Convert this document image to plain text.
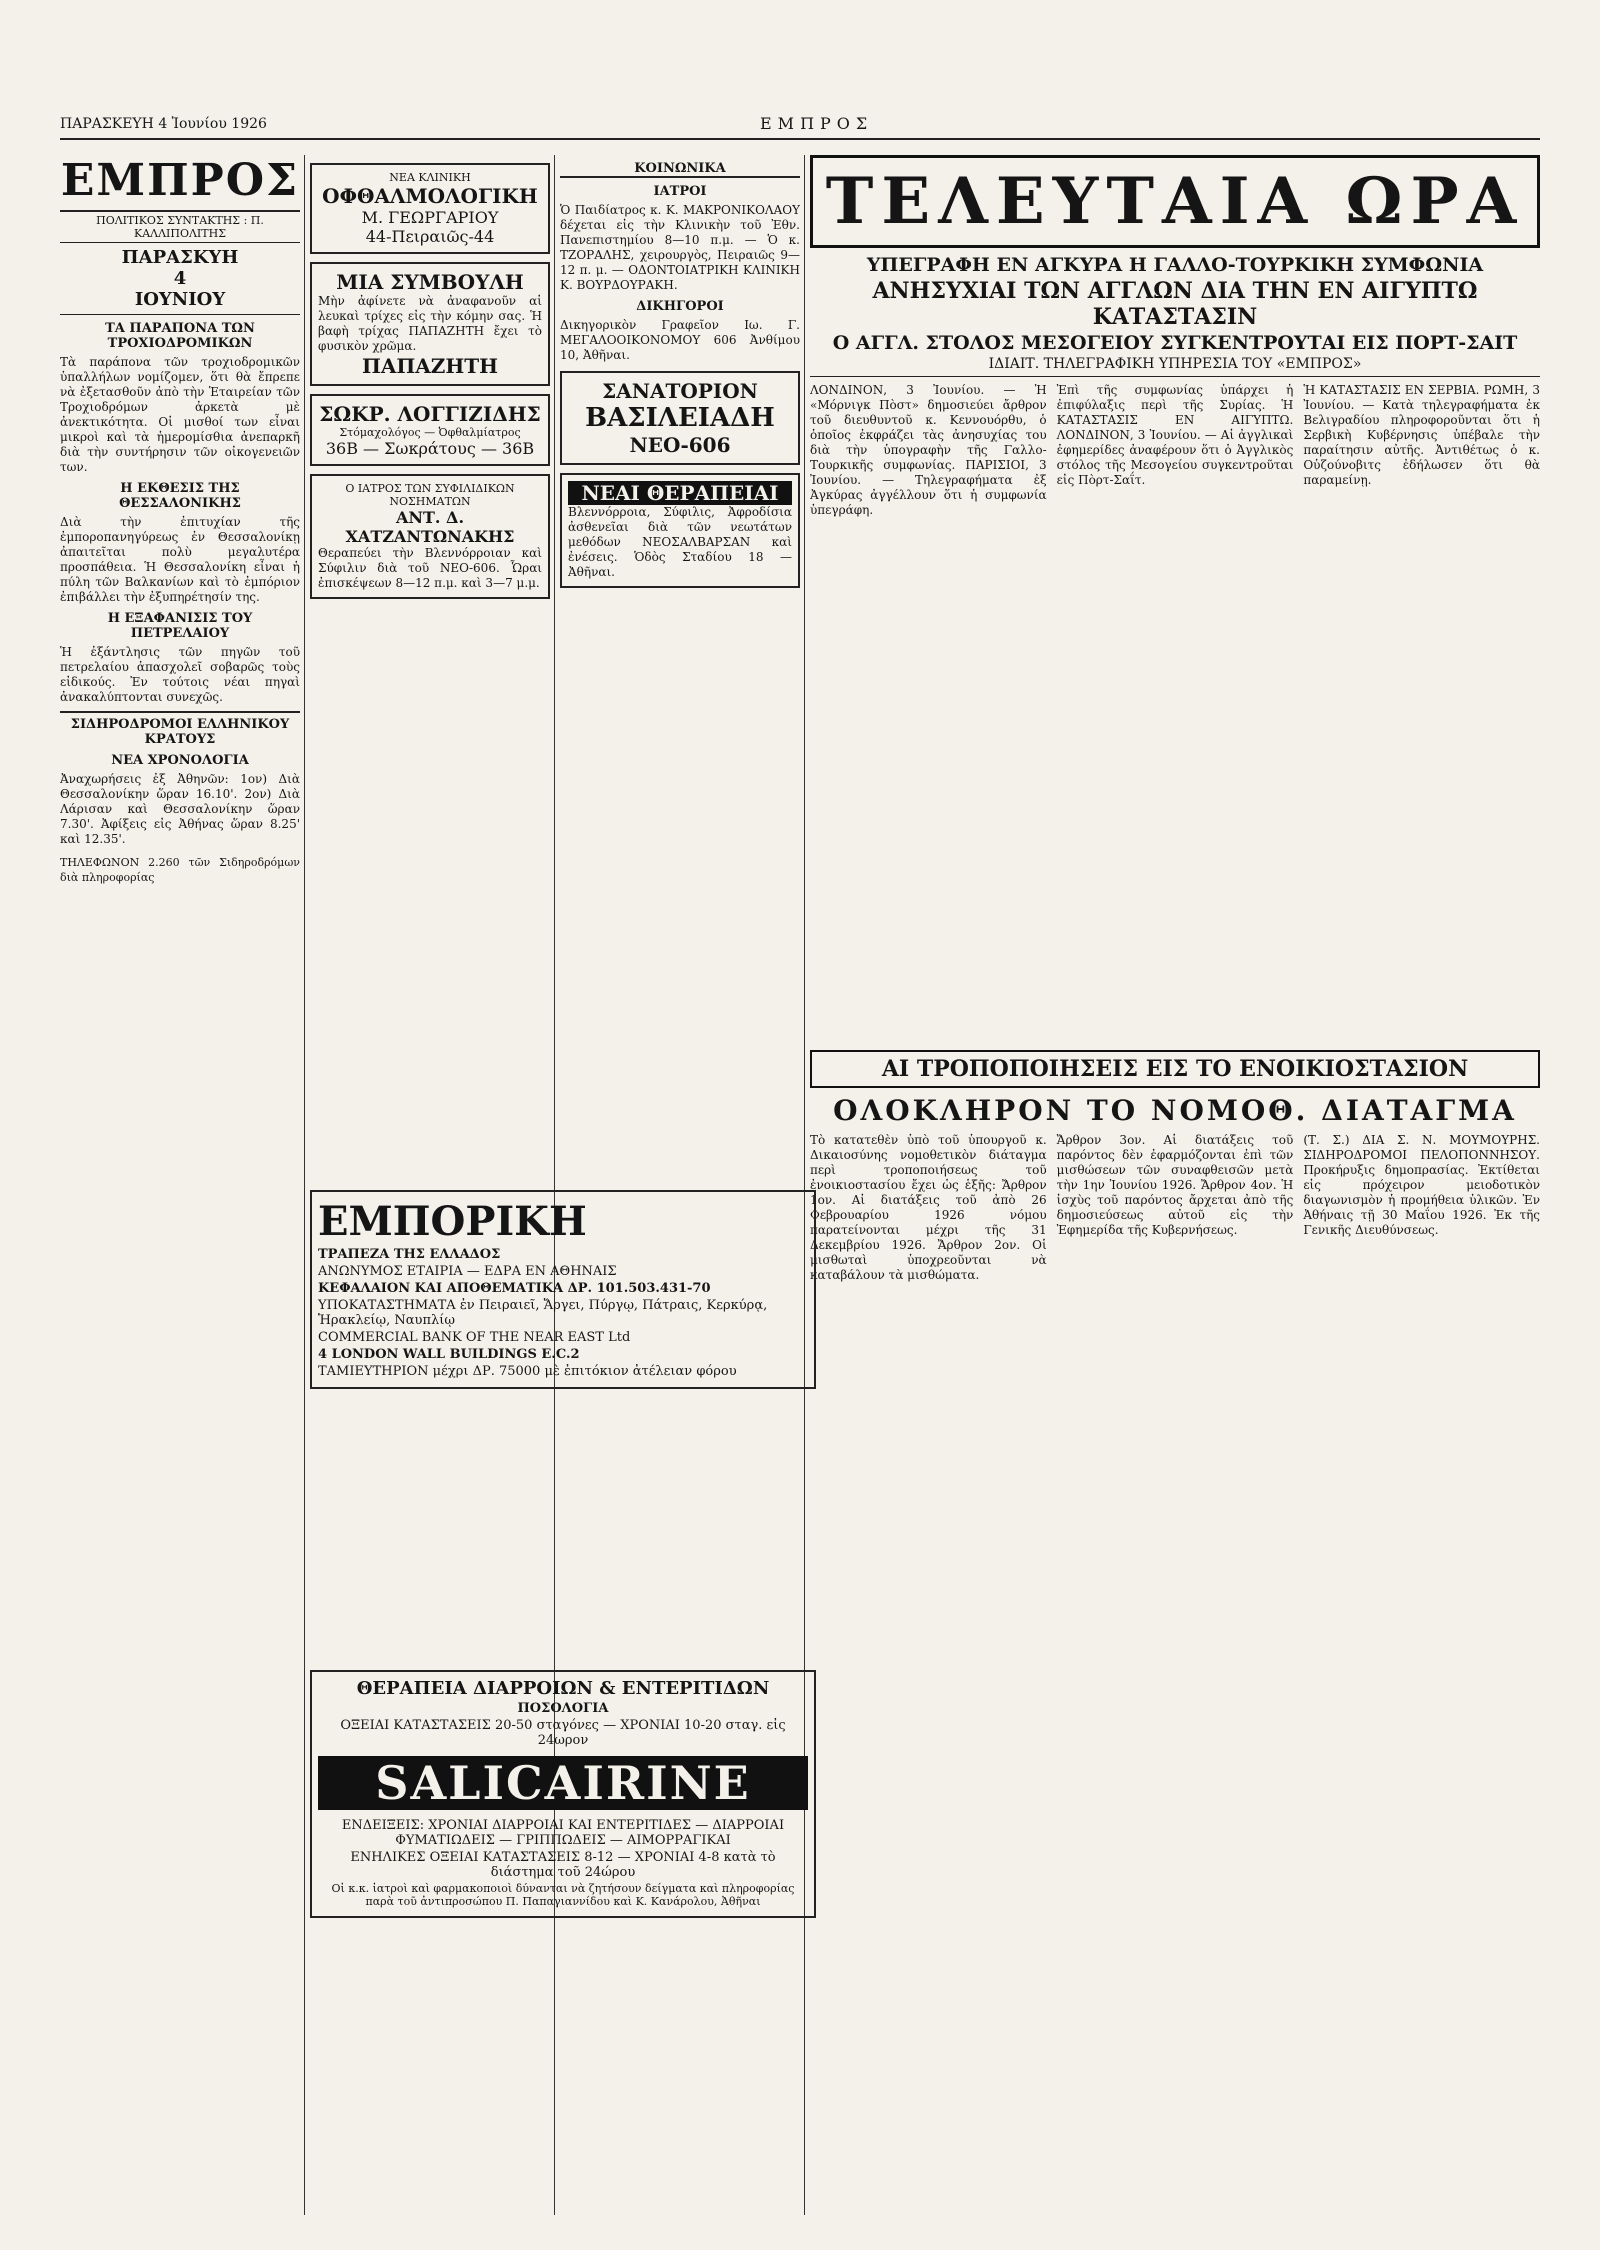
ΠΑΡΑΣΚΕΥΗ 4 Ἰουνίου 1926	ΕΜΠΡΟΣ
ΕΜΠΡΟΣ
ΠΟΛΙΤΙΚΟΣ ΣΥΝΤΑΚΤΗΣ : Π. ΚΑΛΛΙΠΟΛΙΤΗΣ
ΠΑΡΑΣΚΥΗ
4
ΙΟΥΝΙΟΥ
ΤΑ ΠΑΡΑΠΟΝΑ ΤΩΝ ΤΡΟΧΙΟΔΡΟΜΙΚΩΝ
Τὰ παράπονα τῶν τροχιοδρομικῶν ὑπαλλήλων νομίζομεν, ὅτι θὰ ἔπρεπε νὰ ἐξετασθοῦν ἀπὸ τὴν Ἑταιρείαν τῶν Τροχιοδρόμων ἀρκετὰ μὲ ἀνεκτικότητα. Οἱ μισθοί των εἶναι μικροὶ καὶ τὰ ἡμερομίσθια ἀνεπαρκῆ διὰ τὴν συντήρησιν τῶν οἰκογενειῶν των.
Η ΕΚΘΕΣΙΣ ΤΗΣ ΘΕΣΣΑΛΟΝΙΚΗΣ
Διὰ τὴν ἐπιτυχίαν τῆς ἐμποροπανηγύρεως ἐν Θεσσαλονίκῃ ἀπαιτεῖται πολὺ μεγαλυτέρα προσπάθεια. Ἡ Θεσσαλονίκη εἶναι ἡ πύλη τῶν Βαλκανίων καὶ τὸ ἐμπόριον ἐπιβάλλει τὴν ἐξυπηρέτησίν της.
Η ΕΞΑΦΑΝΙΣΙΣ ΤΟΥ ΠΕΤΡΕΛΑΙΟΥ
Ἡ ἐξάντλησις τῶν πηγῶν τοῦ πετρελαίου ἀπασχολεῖ σοβαρῶς τοὺς εἰδικούς. Ἐν τούτοις νέαι πηγαὶ ἀνακαλύπτονται συνεχῶς.
ΣΙΔΗΡΟΔΡΟΜΟΙ ΕΛΛΗΝΙΚΟΥ ΚΡΑΤΟΥΣ
ΝΕΑ ΧΡΟΝΟΛΟΓΙΑ
Ἀναχωρήσεις ἐξ Ἀθηνῶν: 1ον) Διὰ Θεσσαλονίκην ὥραν 16.10'. 2ον) Διὰ Λάρισαν καὶ Θεσσαλονίκην ὥραν 7.30'. Ἀφίξεις εἰς Ἀθήνας ὥραν 8.25' καὶ 12.35'.
ΤΗΛΕΦΩΝΟΝ 2.260 τῶν Σιδηροδρόμων διὰ πληροφορίας
ΝΕΑ ΚΛΙΝΙΚΗ
ΟΦΘΑΛΜΟΛΟΓΙΚΗ
Μ. ΓΕΩΡΓΑΡΙΟΥ
44-Πειραιῶς-44
ΜΙΑ ΣΥΜΒΟΥΛΗ
Μὴν ἀφίνετε νὰ ἀναφανοῦν αἱ λευκαὶ τρίχες εἰς τὴν κόμην σας. Ἡ βαφὴ τρίχας ΠΑΠΑΖΗΤΗ ἔχει τὸ φυσικὸν χρῶμα.
ΠΑΠΑΖΗΤΗ
ΣΩΚΡ. ΛΟΓΓΙΖΙΔΗΣ
Στόμαχολόγος — Ὀφθαλμίατρος
36Β — Σωκράτους — 36Β
Ο ΙΑΤΡΟΣ ΤΩΝ ΣΥΦΙΛΙΔΙΚΩΝ ΝΟΣΗΜΑΤΩΝ
ΑΝΤ. Δ. ΧΑΤΖΑΝΤΩΝΑΚΗΣ
Θεραπεύει τὴν Βλεννόρροιαν καὶ Σύφιλιν διὰ τοῦ ΝΕΟ-606. Ὧραι ἐπισκέψεων 8—12 π.μ. καὶ 3—7 μ.μ.
ΚΟΙΝΩΝΙΚΑ
ΙΑΤΡΟΙ
Ὁ Παιδίατρος κ. Κ. ΜΑΚΡΟΝΙΚΟΛΑΟΥ δέχεται εἰς τὴν Κλινικὴν τοῦ Ἐθν. Πανεπιστημίου 8—10 π.μ. — Ὁ κ. ΤΖΟΡΑΛΗΣ, χειρουργὸς, Πειραιῶς 9—12 π. μ. — ΟΔΟΝΤΟΙΑΤΡΙΚΗ ΚΛΙΝΙΚΗ Κ. ΒΟΥΡΔΟΥΡΑΚΗ.
ΔΙΚΗΓΟΡΟΙ
Δικηγορικὸν Γραφεῖον Ιω. Γ. ΜΕΓΑΛΟΟΙΚΟΝΟΜΟΥ 606 Ἀνθίμου 10, Ἀθῆναι.
ΣΑΝΑΤΟΡΙΟΝ
ΒΑΣΙΛΕΙΑΔΗ
ΝΕΟ-606
ΝΕΑΙ ΘΕΡΑΠΕΙΑΙ
Βλεννόρροια, Σύφιλις, Ἀφροδίσια ἀσθενεῖαι διὰ τῶν νεωτάτων μεθόδων ΝΕΟΣΑΛΒΑΡΣΑΝ καὶ ἐνέσεις. Ὁδὸς Σταδίου 18 — Ἀθῆναι.
ΤΕΛΕΥΤΑΙΑ ΩΡΑ
ΥΠΕΓΡΑΦΗ ΕΝ ΑΓΚΥΡΑ Η ΓΑΛΛΟ-ΤΟΥΡΚΙΚΗ ΣΥΜΦΩΝΙΑ
ΑΝΗΣΥΧΙΑΙ ΤΩΝ ΑΓΓΛΩΝ ΔΙΑ ΤΗΝ ΕΝ ΑΙΓΥΠΤΩ ΚΑΤΑΣΤΑΣΙΝ
Ο ΑΓΓΛ. ΣΤΟΛΟΣ ΜΕΣΟΓΕΙΟΥ ΣΥΓΚΕΝΤΡΟΥΤΑΙ ΕΙΣ ΠΟΡΤ-ΣΑΙΤ
ΙΔΙΑΙΤ. ΤΗΛΕΓΡΑΦΙΚΗ ΥΠΗΡΕΣΙΑ ΤΟΥ «ΕΜΠΡΟΣ»
ΛΟΝΔΙΝΟΝ, 3 Ἰουνίου. — Ἡ «Μόρνιγκ Πὸστ» δημοσιεύει ἄρθρον τοῦ διευθυντοῦ κ. Κεννουόρθυ, ὁ ὁποῖος ἐκφράζει τὰς ἀνησυχίας του διὰ τὴν ὑπογραφὴν τῆς Γαλλο-Τουρκικῆς συμφωνίας. ΠΑΡΙΣΙΟΙ, 3 Ἰουνίου. — Τηλεγραφήματα ἐξ Ἀγκύρας ἀγγέλλουν ὅτι ἡ συμφωνία ὑπεγράφη.
Ἐπὶ τῆς συμφωνίας ὑπάρχει ἡ ἐπιφύλαξις περὶ τῆς Συρίας. Ἡ ΚΑΤΑΣΤΑΣΙΣ ΕΝ ΑΙΓΥΠΤΩ. ΛΟΝΔΙΝΟΝ, 3 Ἰουνίου. — Αἱ ἀγγλικαὶ ἐφημερίδες ἀναφέρουν ὅτι ὁ Ἀγγλικὸς στόλος τῆς Μεσογείου συγκεντροῦται εἰς Πὸρτ-Σαΐτ.
Ἡ ΚΑΤΑΣΤΑΣΙΣ ΕΝ ΣΕΡΒΙΑ. ΡΩΜΗ, 3 Ἰουνίου. — Κατὰ τηλεγραφήματα ἐκ Βελιγραδίου πληροφοροῦνται ὅτι ἡ Σερβικὴ Κυβέρνησις ὑπέβαλε τὴν παραίτησιν αὐτῆς. Ἀντιθέτως ὁ κ. Οὐζούνοβιτς ἐδήλωσεν ὅτι θὰ παραμείνῃ.
ΑΙ ΤΡΟΠΟΠΟΙΗΣΕΙΣ ΕΙΣ ΤΟ ΕΝΟΙΚΙΟΣΤΑΣΙΟΝ
ΟΛΟΚΛΗΡΟΝ ΤΟ ΝΟΜΟΘ. ΔΙΑΤΑΓΜΑ
Τὸ κατατεθὲν ὑπὸ τοῦ ὑπουργοῦ κ. Δικαιοσύνης νομοθετικὸν διάταγμα περὶ τροποποιήσεως τοῦ ἐνοικιοστασίου ἔχει ὡς ἑξῆς: Ἄρθρον 1ον. Αἱ διατάξεις τοῦ ἀπὸ 26 Φεβρουαρίου 1926 νόμου παρατείνονται μέχρι τῆς 31 Δεκεμβρίου 1926. Ἄρθρον 2ον. Οἱ μισθωταὶ ὑποχρεοῦνται νὰ καταβάλουν τὰ μισθώματα.
Ἄρθρον 3ον. Αἱ διατάξεις τοῦ παρόντος δὲν ἐφαρμόζονται ἐπὶ τῶν μισθώσεων τῶν συναφθεισῶν μετὰ τὴν 1ην Ἰουνίου 1926. Ἄρθρον 4ον. Ἡ ἰσχὺς τοῦ παρόντος ἄρχεται ἀπὸ τῆς δημοσιεύσεως αὐτοῦ εἰς τὴν Ἐφημερίδα τῆς Κυβερνήσεως.
(Τ. Σ.) ΔΙΑ Σ. Ν. ΜΟΥΜΟΥΡΗΣ. ΣΙΔΗΡΟΔΡΟΜΟΙ ΠΕΛΟΠΟΝΝΗΣΟΥ. Προκήρυξις δημοπρασίας. Ἐκτίθεται εἰς πρόχειρον μειοδοτικὸν διαγωνισμὸν ἡ προμήθεια ὑλικῶν. Ἐν Ἀθήναις τῇ 30 Μαΐου 1926. Ἐκ τῆς Γενικῆς Διευθύνσεως.
ΕΜΠΟΡΙΚΗ
ΤΡΑΠΕΖΑ ΤΗΣ ΕΛΛΑΔΟΣ
ΑΝΩΝΥΜΟΣ ΕΤΑΙΡΙΑ — ΕΔΡΑ ΕΝ ΑΘΗΝΑΙΣ
ΚΕΦΑΛΑΙΟΝ ΚΑΙ ΑΠΟΘΕΜΑΤΙΚΑ ΔΡ. 101.503.431-70
ΥΠΟΚΑΤΑΣΤΗΜΑΤΑ ἐν Πειραιεῖ, Ἄργει, Πύργῳ, Πάτραις, Κερκύρᾳ, Ἡρακλείῳ, Ναυπλίῳ
COMMERCIAL BANK OF THE NEAR EAST Ltd
4 LONDON WALL BUILDINGS E.C.2
ΤΑΜΙΕΥΤΗΡΙΟΝ μέχρι ΔΡ. 75000 μὲ ἐπιτόκιον ἀτέλειαν φόρου
ΘΕΡΑΠΕΙΑ ΔΙΑΡΡΟΙΩΝ & ΕΝΤΕΡΙΤΙΔΩΝ
ΠΟΣΟΛΟΓΙΑ
ΟΞΕΙΑΙ ΚΑΤΑΣΤΑΣΕΙΣ 20-50 σταγόνες — ΧΡΟΝΙΑΙ 10-20 σταγ. εἰς 24ωρον
SALICAIRINE
ΕΝΔΕΙΞΕΙΣ: ΧΡΟΝΙΑΙ ΔΙΑΡΡΟΙΑΙ ΚΑΙ ΕΝΤΕΡΙΤΙΔΕΣ — ΔΙΑΡΡΟΙΑΙ ΦΥΜΑΤΙΩΔΕΙΣ — ΓΡΙΠΠΩΔΕΙΣ — ΑΙΜΟΡΡΑΓΙΚΑΙ
ΕΝΗΛΙΚΕΣ ΟΞΕΙΑΙ ΚΑΤΑΣΤΑΣΕΙΣ 8-12 — ΧΡΟΝΙΑΙ 4-8 κατὰ τὸ διάστημα τοῦ 24ώρου
Οἱ κ.κ. ἰατροὶ καὶ φαρμακοποιοὶ δύνανται νὰ ζητήσουν δείγματα καὶ πληροφορίας παρὰ τοῦ ἀντιπροσώπου Π. Παπαγιαννίδου καὶ Κ. Κανάρολου, Ἀθῆναι
